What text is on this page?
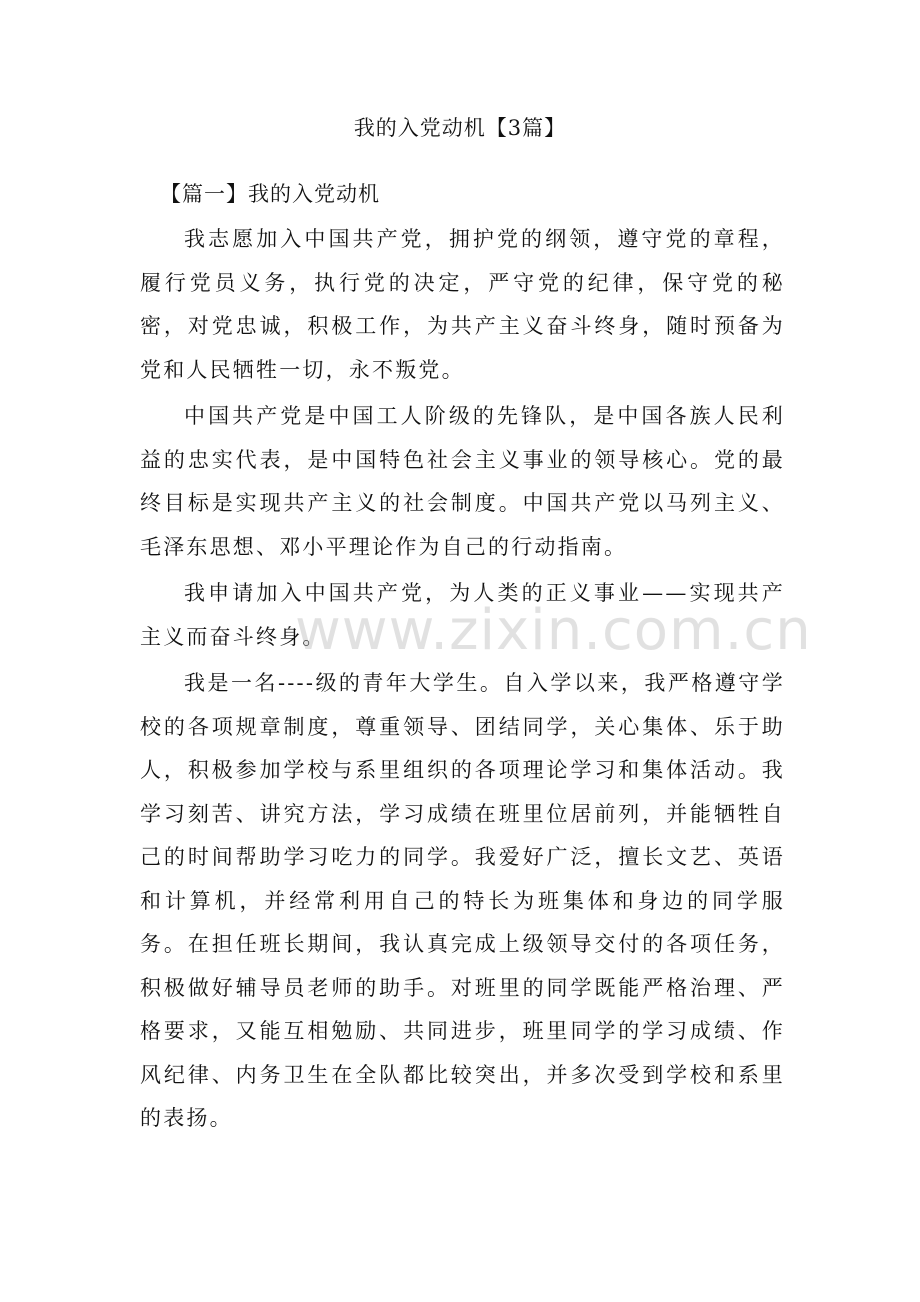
我的入党动机【3篇】
【篇一】我的入党动机

我志愿加入中国共产党，拥护党的纲领，遵守党的章程，履行党员义务，执行党的决定，严守党的纪律，保守党的秘密，对党忠诚，积极工作，为共产主义奋斗终身，随时预备为党和人民牺牲一切，永不叛党。

中国共产党是中国工人阶级的先锋队，是中国各族人民利益的忠实代表，是中国特色社会主义事业的领导核心。党的最终目标是实现共产主义的社会制度。中国共产党以马列主义、毛泽东思想、邓小平理论作为自己的行动指南。

我申请加入中国共产党，为人类的正义事业——实现共产主义而奋斗终身。

我是一名----级的青年大学生。自入学以来，我严格遵守学校的各项规章制度，尊重领导、团结同学，关心集体、乐于助人，积极参加学校与系里组织的各项理论学习和集体活动。我学习刻苦、讲究方法，学习成绩在班里位居前列，并能牺牲自己的时间帮助学习吃力的同学。我爱好广泛，擅长文艺、英语和计算机，并经常利用自己的特长为班集体和身边的同学服务。在担任班长期间，我认真完成上级领导交付的各项任务，积极做好辅导员老师的助手。对班里的同学既能严格治理、严格要求，又能互相勉励、共同进步，班里同学的学习成绩、作风纪律、内务卫生在全队都比较突出，并多次受到学校和系里的表扬。

www.zixin.com.cn
